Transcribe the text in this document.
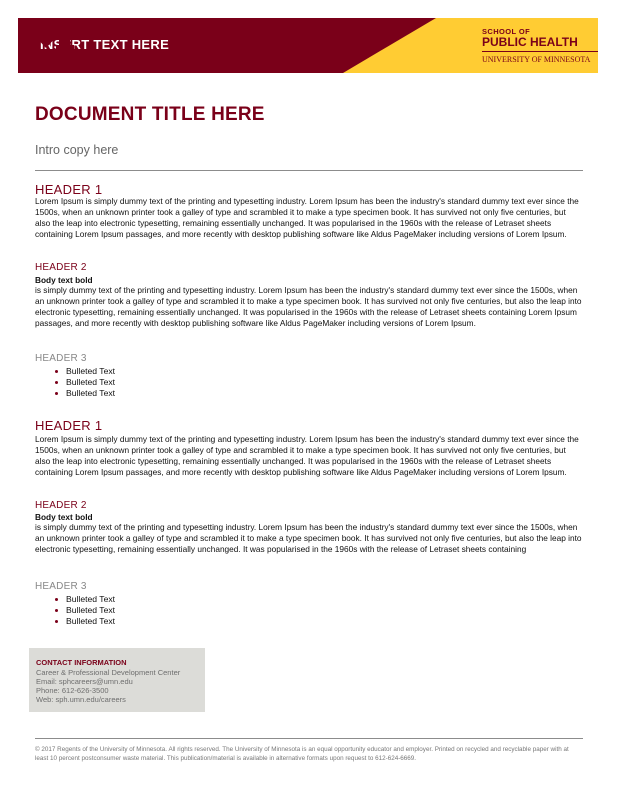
INSERT TEXT HERE
SCHOOL OF
PUBLIC HEALTH
UNIVERSITY OF MINNESOTA
DOCUMENT TITLE HERE
Intro copy here
HEADER 1
Lorem Ipsum is simply dummy text of the printing and typesetting industry. Lorem Ipsum has been the industry's standard dummy text ever since the 1500s, when an unknown printer took a galley of type and scrambled it to make a type specimen book. It has survived not only five centuries, but also the leap into electronic typesetting, remaining essentially unchanged. It was popularised in the 1960s with the release of Letraset sheets containing Lorem Ipsum passages, and more recently with desktop publishing software like Aldus PageMaker including versions of Lorem Ipsum.
HEADER 2
Body text bold
is simply dummy text of the printing and typesetting industry. Lorem Ipsum has been the industry's standard dummy text ever since the 1500s, when an unknown printer took a galley of type and scrambled it to make a type specimen book. It has survived not only five centuries, but also the leap into electronic typesetting, remaining essentially unchanged. It was popularised in the 1960s with the release of Letraset sheets containing Lorem Ipsum passages, and more recently with desktop publishing software like Aldus PageMaker including versions of Lorem Ipsum.
HEADER 3
Bulleted Text
Bulleted Text
Bulleted Text
HEADER 1
Lorem Ipsum is simply dummy text of the printing and typesetting industry. Lorem Ipsum has been the industry's standard dummy text ever since the 1500s, when an unknown printer took a galley of type and scrambled it to make a type specimen book. It has survived not only five centuries, but also the leap into electronic typesetting, remaining essentially unchanged. It was popularised in the 1960s with the release of Letraset sheets containing Lorem Ipsum passages, and more recently with desktop publishing software like Aldus PageMaker including versions of Lorem Ipsum.
HEADER 2
Body text bold
is simply dummy text of the printing and typesetting industry. Lorem Ipsum has been the industry's standard dummy text ever since the 1500s, when an unknown printer took a galley of type and scrambled it to make a type specimen book. It has survived not only five centuries, but also the leap into electronic typesetting, remaining essentially unchanged. It was popularised in the 1960s with the release of Letraset sheets containing
HEADER 3
Bulleted Text
Bulleted Text
Bulleted Text
CONTACT INFORMATION
Career & Professional Development Center
Email: sphcareers@umn.edu
Phone: 612-626-3500
Web: sph.umn.edu/careers
© 2017 Regents of the University of Minnesota. All rights reserved. The University of Minnesota is an equal opportunity educator and employer. Printed on recycled and recyclable paper with at least 10 percent postconsumer waste material. This publication/material is available in alternative formats upon request to 612-624-6669.
